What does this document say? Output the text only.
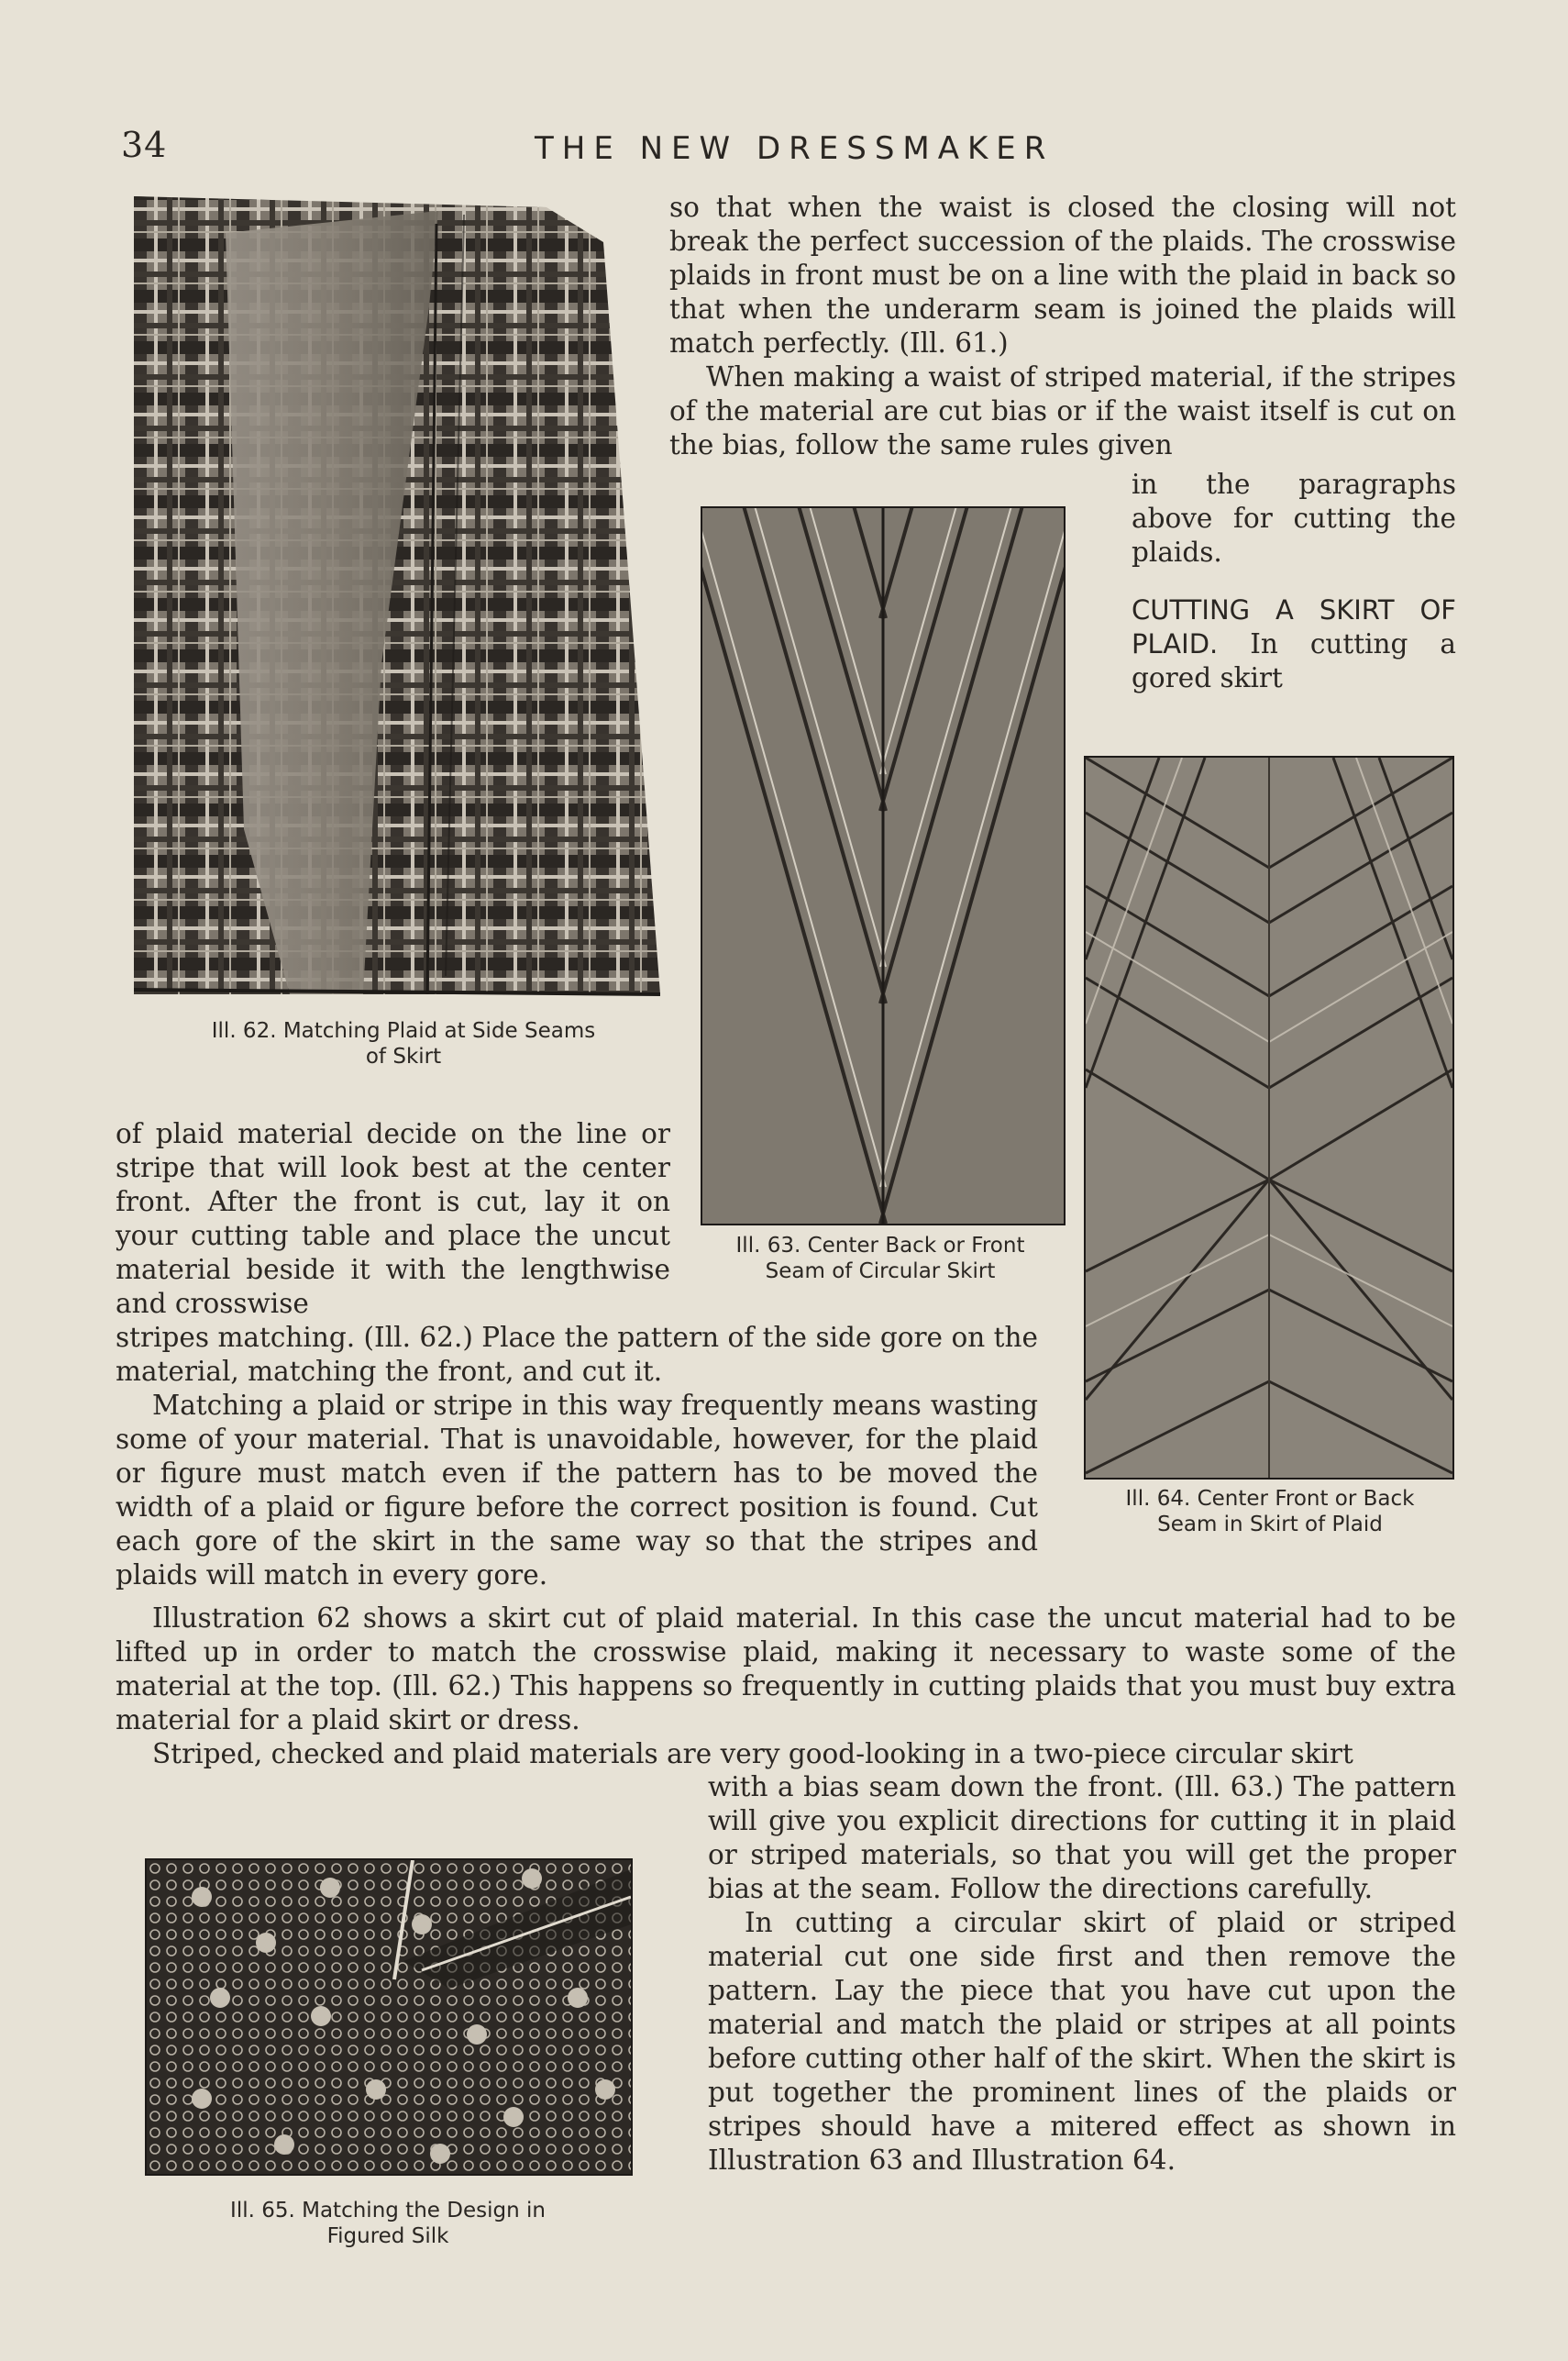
34	THE NEW DRESSMAKER
Ill. 62. Matching Plaid at Side Seams
of Skirt
Ill. 63. Center Back or Front
Seam of Circular Skirt
Ill. 64. Center Front or Back
Seam in Skirt of Plaid
Ill. 65. Matching the Design in
Figured Silk

so that when the waist is closed the closing will not break the perfect succession of the plaids. The crosswise plaids in front must be on a line with the plaid in back so that when the underarm seam is joined the plaids will match perfectly. (Ill. 61.)

When making a waist of striped material, if the stripes of the material are cut bias or if the waist itself is cut on the bias, follow the same rules given

in the paragraphs above for cutting the plaids.

CUTTING A SKIRT OF PLAID. In cutting a gored skirt

of plaid material decide on the line or stripe that will look best at the center front. After the front is cut, lay it on your cutting table and place the uncut material beside it with the lengthwise and crosswise

stripes matching. (Ill. 62.) Place the pattern of the side gore on the material, matching the front, and cut it.

Matching a plaid or stripe in this way frequently means wasting some of your material. That is unavoidable, however, for the plaid or figure must match even if the pattern has to be moved the width of a plaid or figure before the correct position is found. Cut each gore of the skirt in the same way so that the stripes and plaids will match in every gore.

Illustration 62 shows a skirt cut of plaid material. In this case the uncut material had to be lifted up in order to match the crosswise plaid, making it necessary to waste some of the material at the top. (Ill. 62.) This happens so frequently in cutting plaids that you must buy extra material for a plaid skirt or dress.

Striped, checked and plaid materials are very good-looking in a two-piece circular skirt

with a bias seam down the front. (Ill. 63.) The pattern will give you explicit directions for cutting it in plaid or striped materials, so that you will get the proper bias at the seam. Follow the directions carefully.

In cutting a circular skirt of plaid or striped material cut one side first and then remove the pattern. Lay the piece that you have cut upon the material and match the plaid or stripes at all points before cutting other half of the skirt. When the skirt is put together the prominent lines of the plaids or stripes should have a mitered effect as shown in Illustration 63 and Illustration 64.
